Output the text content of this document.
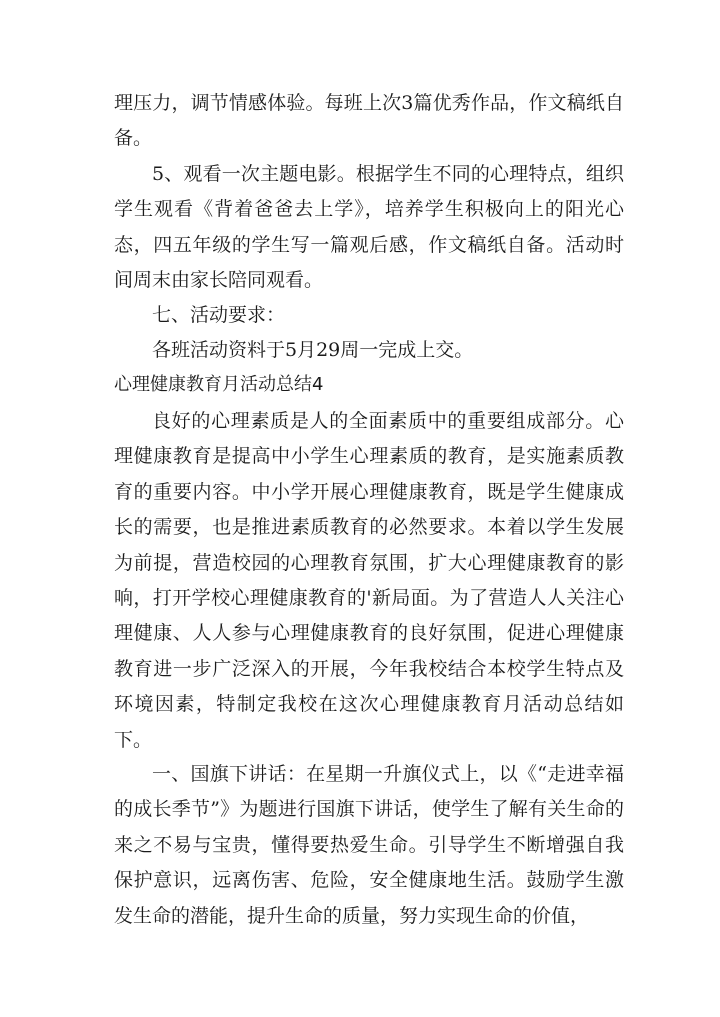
理压力，调节情感体验。每班上次3篇优秀作品，作文稿纸自备。

5、观看一次主题电影。根据学生不同的心理特点，组织学生观看《背着爸爸去上学》，培养学生积极向上的阳光心态，四五年级的学生写一篇观后感，作文稿纸自备。活动时间周末由家长陪同观看。

七、活动要求：

各班活动资料于5月29周一完成上交。

心理健康教育月活动总结4

良好的心理素质是人的全面素质中的重要组成部分。心理健康教育是提高中小学生心理素质的教育，是实施素质教育的重要内容。中小学开展心理健康教育，既是学生健康成长的需要，也是推进素质教育的必然要求。本着以学生发展为前提，营造校园的心理教育氛围，扩大心理健康教育的影响，打开学校心理健康教育的'新局面。为了营造人人关注心理健康、人人参与心理健康教育的良好氛围，促进心理健康教育进一步广泛深入的开展，今年我校结合本校学生特点及环境因素，特制定我校在这次心理健康教育月活动总结如下。

一、国旗下讲话：在星期一升旗仪式上，以《“走进幸福的成长季节”》为题进行国旗下讲话，使学生了解有关生命的来之不易与宝贵，懂得要热爱生命。引导学生不断增强自我保护意识，远离伤害、危险，安全健康地生活。鼓励学生激发生命的潜能，提升生命的质量，努力实现生命的价值，
